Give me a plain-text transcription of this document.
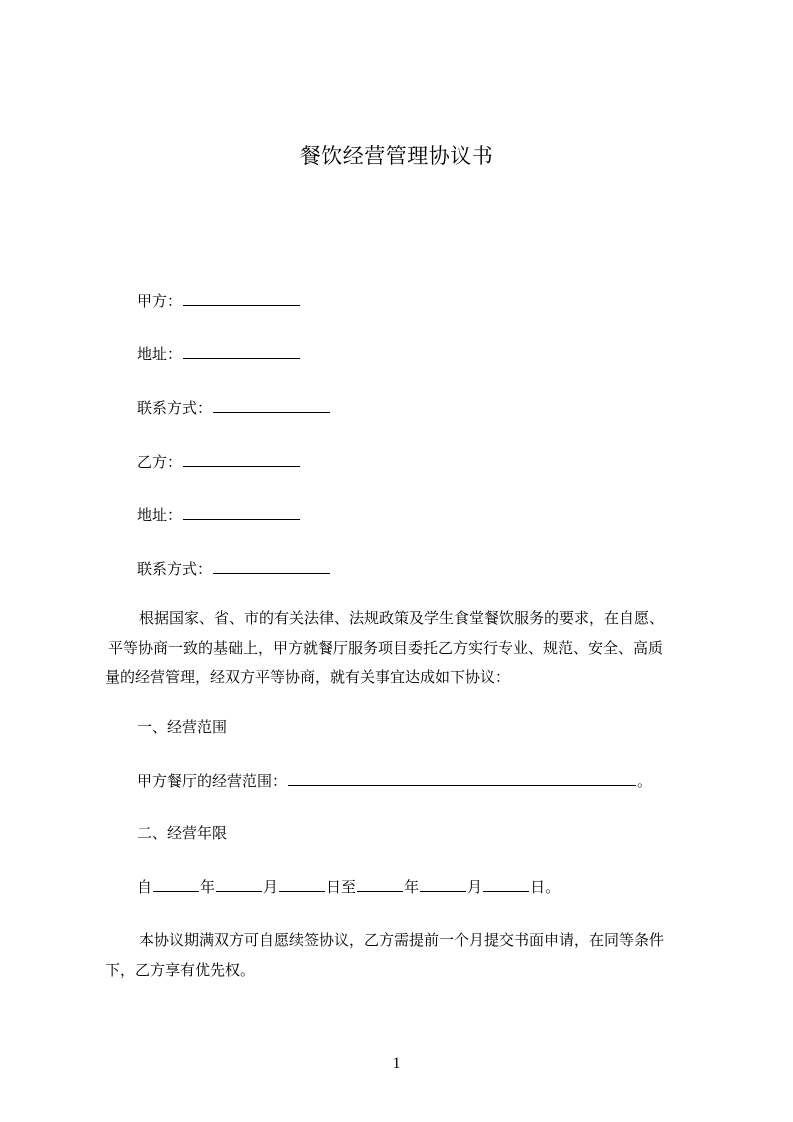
餐饮经营管理协议书
甲方：
地址：
联系方式：
乙方：
地址：
联系方式：
根据国家、省、市的有关法律、法规政策及学生食堂餐饮服务的要求，在自愿、
平等协商一致的基础上，甲方就餐厅服务项目委托乙方实行专业、规范、安全、高质
量的经营管理，经双方平等协商，就有关事宜达成如下协议：
一、经营范围
甲方餐厅的经营范围：	。
二、经营年限
自	年	月	日至	年	月	日。
本协议期满双方可自愿续签协议，乙方需提前一个月提交书面申请，在同等条件
下，乙方享有优先权。
1
